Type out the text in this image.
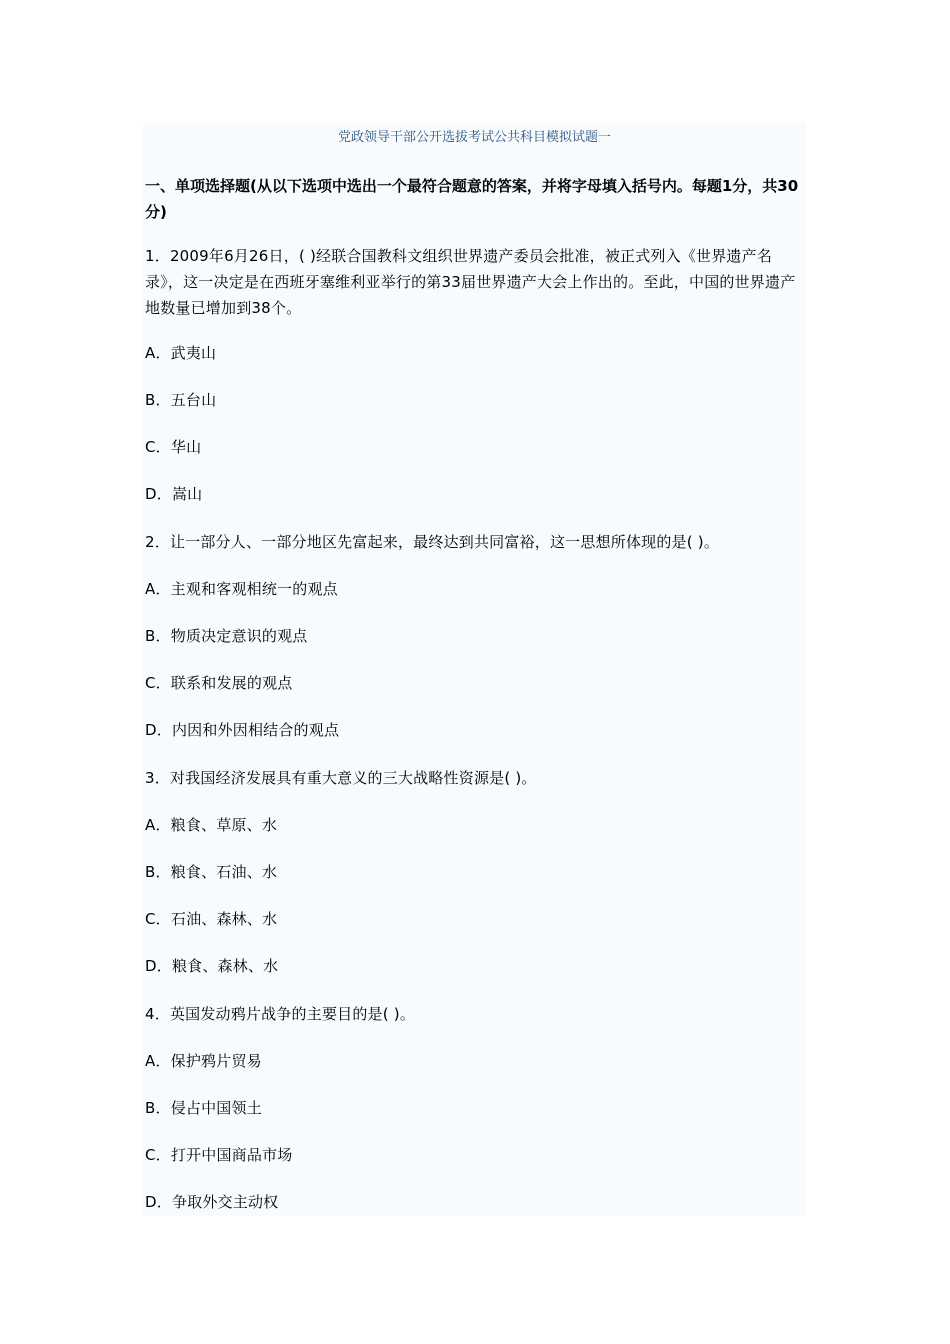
党政领导干部公开选拔考试公共科目模拟试题一

一、单项选择题(从以下选项中选出一个最符合题意的答案，并将字母填入括号内。每题1分，共30分)

1．2009年6月26日，( )经联合国教科文组织世界遗产委员会批准，被正式列入《世界遗产名录》，这一决定是在西班牙塞维利亚举行的第33届世界遗产大会上作出的。至此，中国的世界遗产地数量已增加到38个。

A．武夷山

B．五台山

C．华山

D．嵩山

2．让一部分人、一部分地区先富起来，最终达到共同富裕，这一思想所体现的是( )。

A．主观和客观相统一的观点

B．物质决定意识的观点

C．联系和发展的观点

D．内因和外因相结合的观点

3．对我国经济发展具有重大意义的三大战略性资源是( )。

A．粮食、草原、水

B．粮食、石油、水

C．石油、森林、水

D．粮食、森林、水

4．英国发动鸦片战争的主要目的是( )。

A．保护鸦片贸易

B．侵占中国领土

C．打开中国商品市场

D．争取外交主动权
